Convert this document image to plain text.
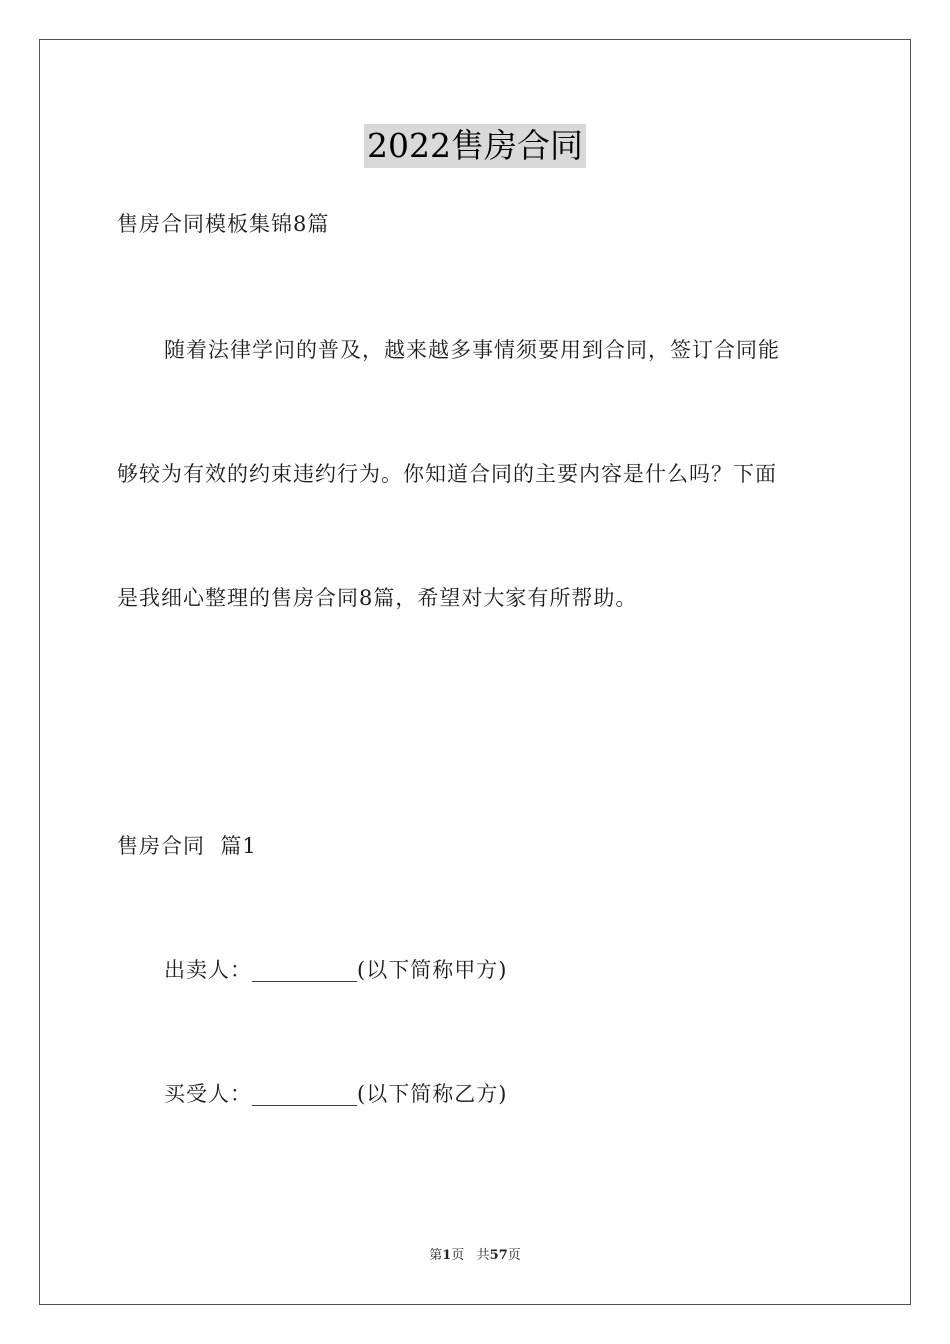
2022售房合同
售房合同模板集锦8篇
随着法律学问的普及，越来越多事情须要用到合同，签订合同能
够较为有效的约束违约行为。你知道合同的主要内容是什么吗？下面
是我细心整理的售房合同8篇，希望对大家有所帮助。
售房合同  篇1
出卖人：__________(以下简称甲方)
买受人：__________(以下简称乙方)
第1页   共57页
